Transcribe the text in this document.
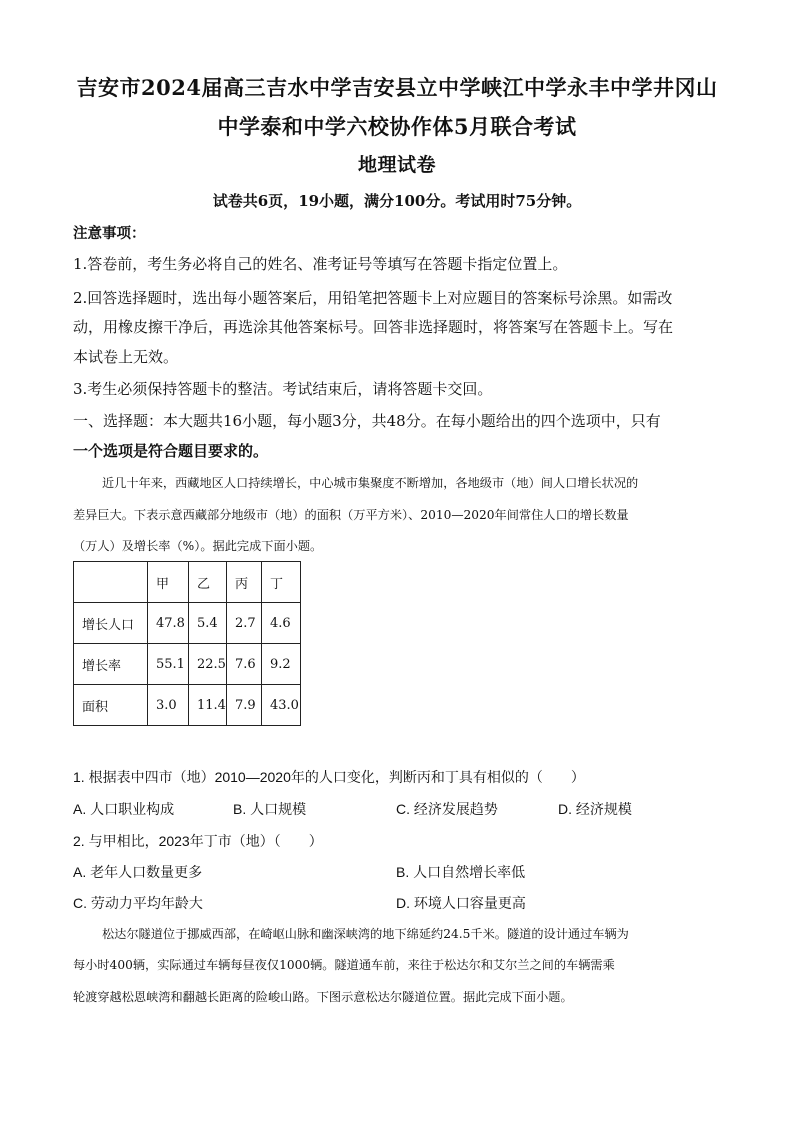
吉安市2024届高三吉水中学吉安县立中学峡江中学永丰中学井冈山
中学泰和中学六校协作体5月联合考试
地理试卷
试卷共6页，19小题，满分100分。考试用时75分钟。
注意事项：
1.答卷前，考生务必将自己的姓名、准考证号等填写在答题卡指定位置上。
2.回答选择题时，选出每小题答案后，用铅笔把答题卡上对应题目的答案标号涂黑。如需改
动，用橡皮擦干净后，再选涂其他答案标号。回答非选择题时，将答案写在答题卡上。写在
本试卷上无效。
3.考生必须保持答题卡的整洁。考试结束后，请将答题卡交回。
一、选择题：本大题共16小题，每小题3分，共48分。在每小题给出的四个选项中，只有
一个选项是符合题目要求的。
近几十年来，西藏地区人口持续增长，中心城市集聚度不断增加，各地级市（地）间人口增长状况的
差异巨大。下表示意西藏部分地级市（地）的面积（万平方米）、2010—2020年间常住人口的增长数量
（万人）及增长率（%）。据此完成下面小题。
	甲	乙	丙	丁
增长人口	47.8	5.4	2.7	4.6
增长率	55.1	22.5	7.6	9.2
面积	3.0	11.4	7.9	43.0
1. 根据表中四市（地）2010—2020年的人口变化，判断丙和丁具有相似的（　　）
A. 人口职业构成	B. 人口规模	C. 经济发展趋势	D. 经济规模
2. 与甲相比，2023年丁市（地）（　　）
A. 老年人口数量更多	B. 人口自然增长率低
C. 劳动力平均年龄大	D. 环境人口容量更高
松达尔隧道位于挪威西部，在崎岖山脉和幽深峡湾的地下绵延约24.5千米。隧道的设计通过车辆为
每小时400辆，实际通过车辆每昼夜仅1000辆。隧道通车前，来往于松达尔和艾尔兰之间的车辆需乘
轮渡穿越松恩峡湾和翻越长距离的险峻山路。下图示意松达尔隧道位置。据此完成下面小题。
